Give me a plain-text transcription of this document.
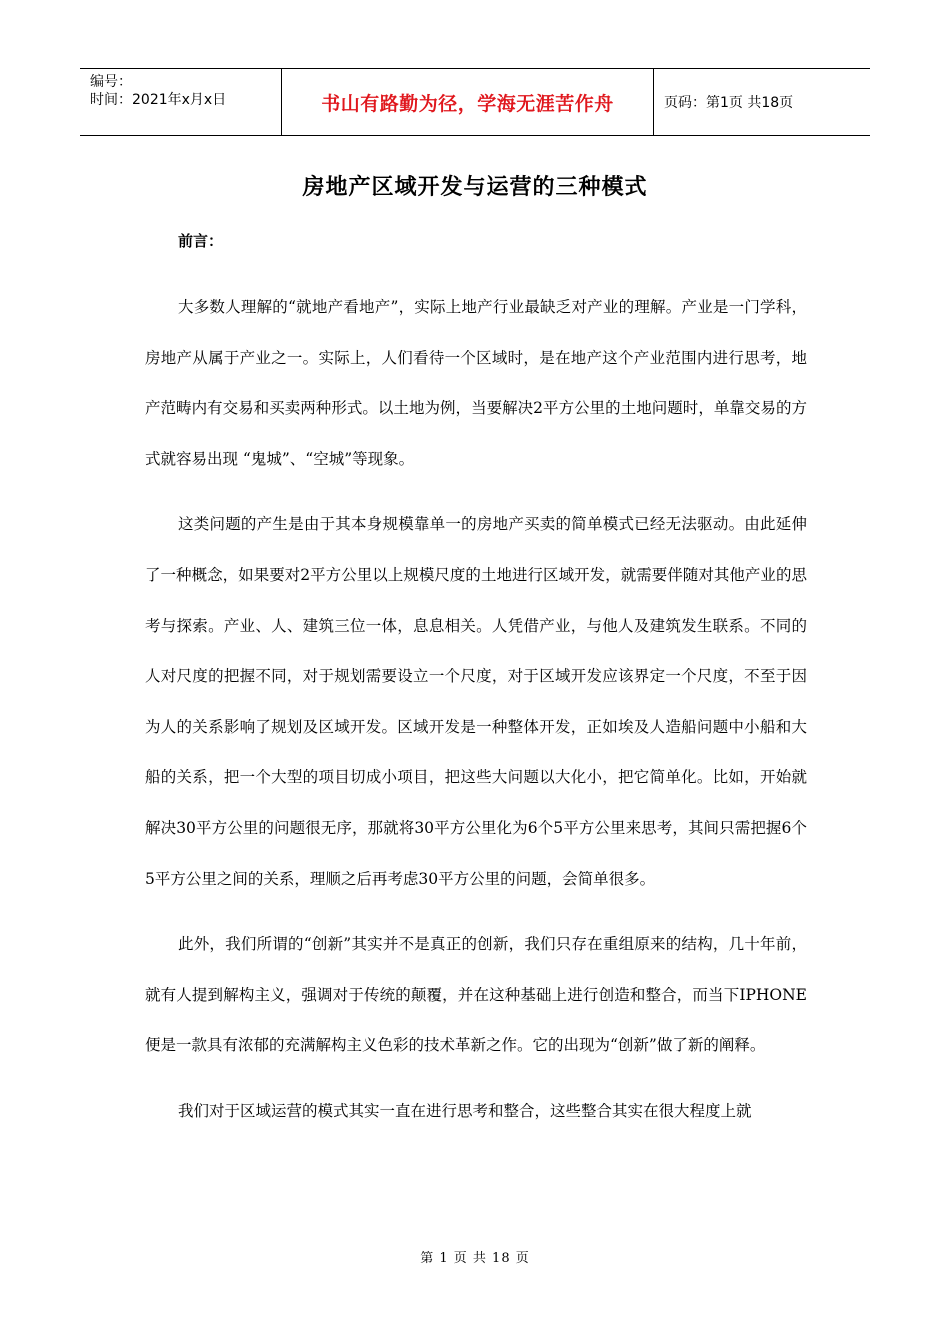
编号：
时间：2021年x月x日	书山有路勤为径，学海无涯苦作舟	页码：第1页 共18页
房地产区域开发与运营的三种模式
前言：

大多数人理解的“就地产看地产”，实际上地产行业最缺乏对产业的理解。产业是一门学科，房地产从属于产业之一。实际上，人们看待一个区域时，是在地产这个产业范围内进行思考，地产范畴内有交易和买卖两种形式。以土地为例，当要解决2平方公里的土地问题时，单靠交易的方式就容易出现 “鬼城”、“空城”等现象。

这类问题的产生是由于其本身规模靠单一的房地产买卖的简单模式已经无法驱动。由此延伸了一种概念，如果要对2平方公里以上规模尺度的土地进行区域开发，就需要伴随对其他产业的思考与探索。产业、人、建筑三位一体，息息相关。人凭借产业，与他人及建筑发生联系。不同的人对尺度的把握不同，对于规划需要设立一个尺度，对于区域开发应该界定一个尺度，不至于因为人的关系影响了规划及区域开发。区域开发是一种整体开发，正如埃及人造船问题中小船和大船的关系，把一个大型的项目切成小项目，把这些大问题以大化小，把它简单化。比如，开始就解决30平方公里的问题很无序，那就将30平方公里化为6个5平方公里来思考，其间只需把握6个5平方公里之间的关系，理顺之后再考虑30平方公里的问题，会简单很多。

此外，我们所谓的“创新”其实并不是真正的创新，我们只存在重组原来的结构，几十年前，就有人提到解构主义，强调对于传统的颠覆，并在这种基础上进行创造和整合，而当下IPHONE便是一款具有浓郁的充满解构主义色彩的技术革新之作。它的出现为“创新”做了新的阐释。

我们对于区域运营的模式其实一直在进行思考和整合，这些整合其实在很大程度上就

第 1 页 共 18 页
